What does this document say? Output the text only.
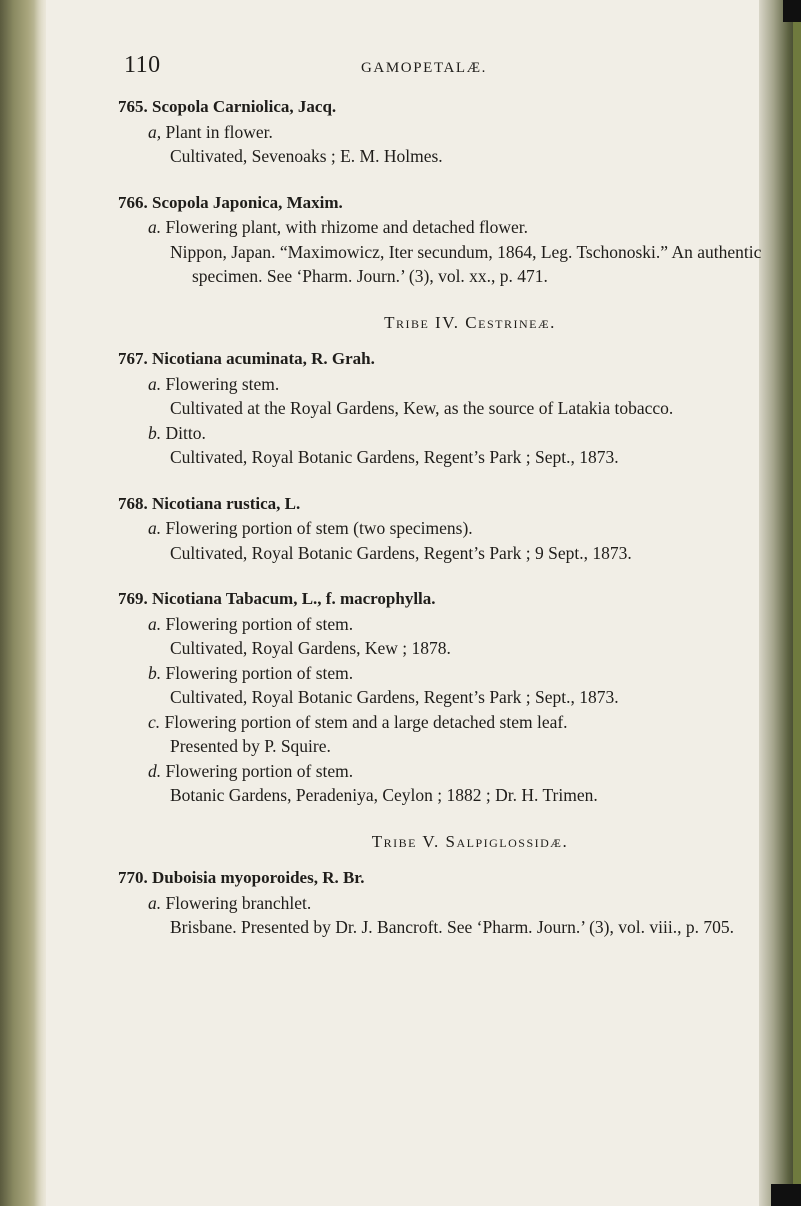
110	GAMOPETALÆ.
765. Scopola Carniolica, Jacq.
a, Plant in flower.
Cultivated, Sevenoaks ; E. M. Holmes.
766. Scopola Japonica, Maxim.
a. Flowering plant, with rhizome and detached flower.
Nippon, Japan. “Maximowicz, Iter secundum, 1864, Leg. Tschonoski.” An authentic specimen. See ‘Pharm. Journ.’ (3), vol. xx., p. 471.
Tribe IV. Cestrineæ.
767. Nicotiana acuminata, R. Grah.
a. Flowering stem.
Cultivated at the Royal Gardens, Kew, as the source of Latakia tobacco.
b. Ditto.
Cultivated, Royal Botanic Gardens, Regent’s Park ; Sept., 1873.
768. Nicotiana rustica, L.
a. Flowering portion of stem (two specimens).
Cultivated, Royal Botanic Gardens, Regent’s Park ; 9 Sept., 1873.
769. Nicotiana Tabacum, L., f. macrophylla.
a. Flowering portion of stem.
Cultivated, Royal Gardens, Kew ; 1878.
b. Flowering portion of stem.
Cultivated, Royal Botanic Gardens, Regent’s Park ; Sept., 1873.
c. Flowering portion of stem and a large detached stem leaf.
Presented by P. Squire.
d. Flowering portion of stem.
Botanic Gardens, Peradeniya, Ceylon ; 1882 ; Dr. H. Trimen.
Tribe V. Salpiglossidæ.
770. Duboisia myoporoides, R. Br.
a. Flowering branchlet.
Brisbane. Presented by Dr. J. Bancroft. See ‘Pharm. Journ.’ (3), vol. viii., p. 705.
